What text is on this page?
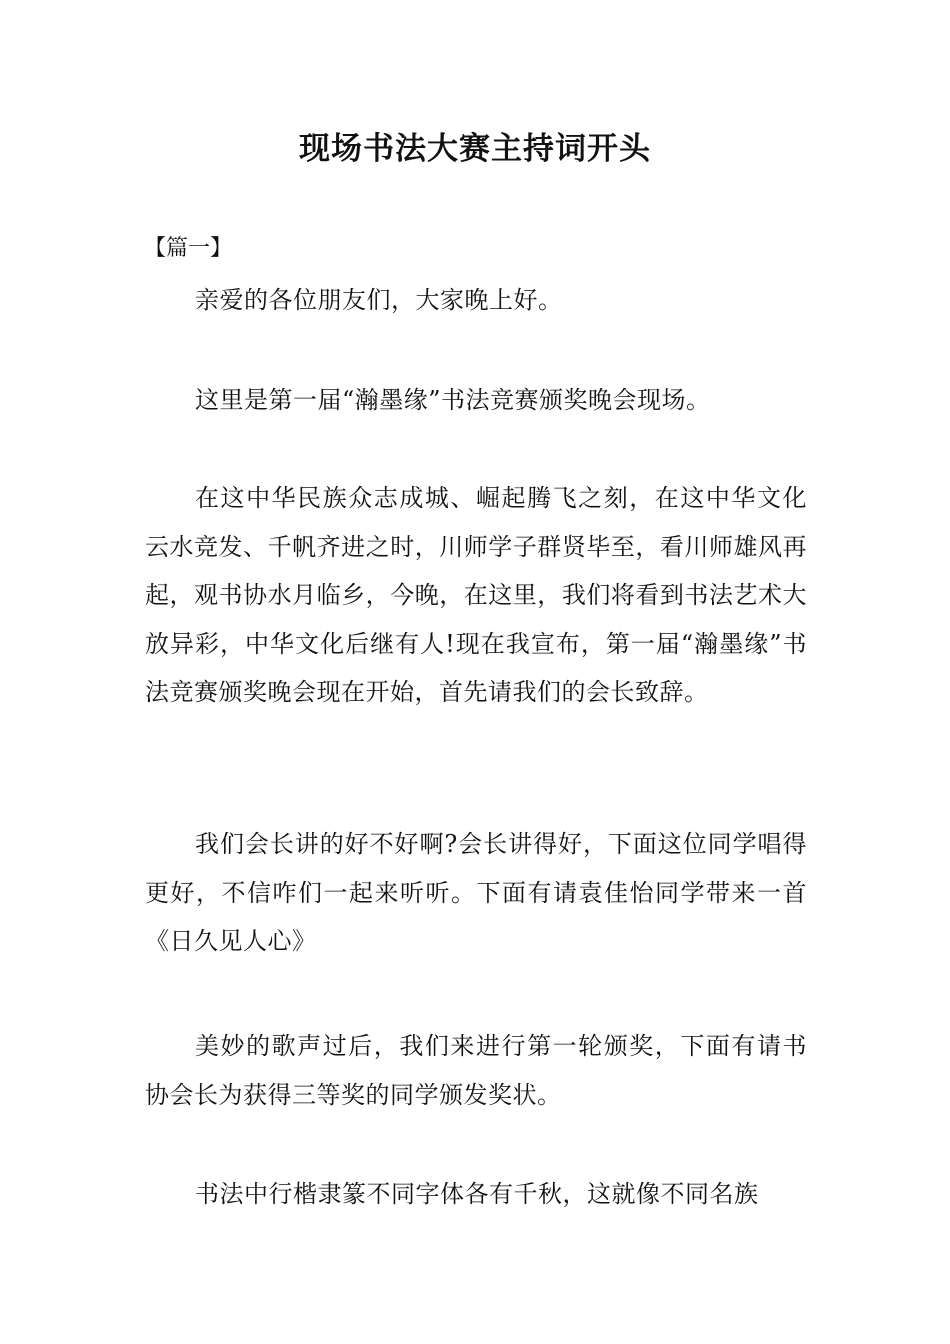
现场书法大赛主持词开头
【篇一】

亲爱的各位朋友们，大家晚上好。

这里是第一届“瀚墨缘”书法竞赛颁奖晚会现场。

在这中华民族众志成城、崛起腾飞之刻，在这中华文化云水竞发、千帆齐进之时，川师学子群贤毕至，看川师雄风再起，观书协水月临乡，今晚，在这里，我们将看到书法艺术大放异彩，中华文化后继有人!现在我宣布，第一届“瀚墨缘”书法竞赛颁奖晚会现在开始，首先请我们的会长致辞。

我们会长讲的好不好啊?会长讲得好，下面这位同学唱得更好，不信咋们一起来听听。下面有请袁佳怡同学带来一首《日久见人心》

美妙的歌声过后，我们来进行第一轮颁奖，下面有请书协会长为获得三等奖的同学颁发奖状。

书法中行楷隶篆不同字体各有千秋，这就像不同名族
